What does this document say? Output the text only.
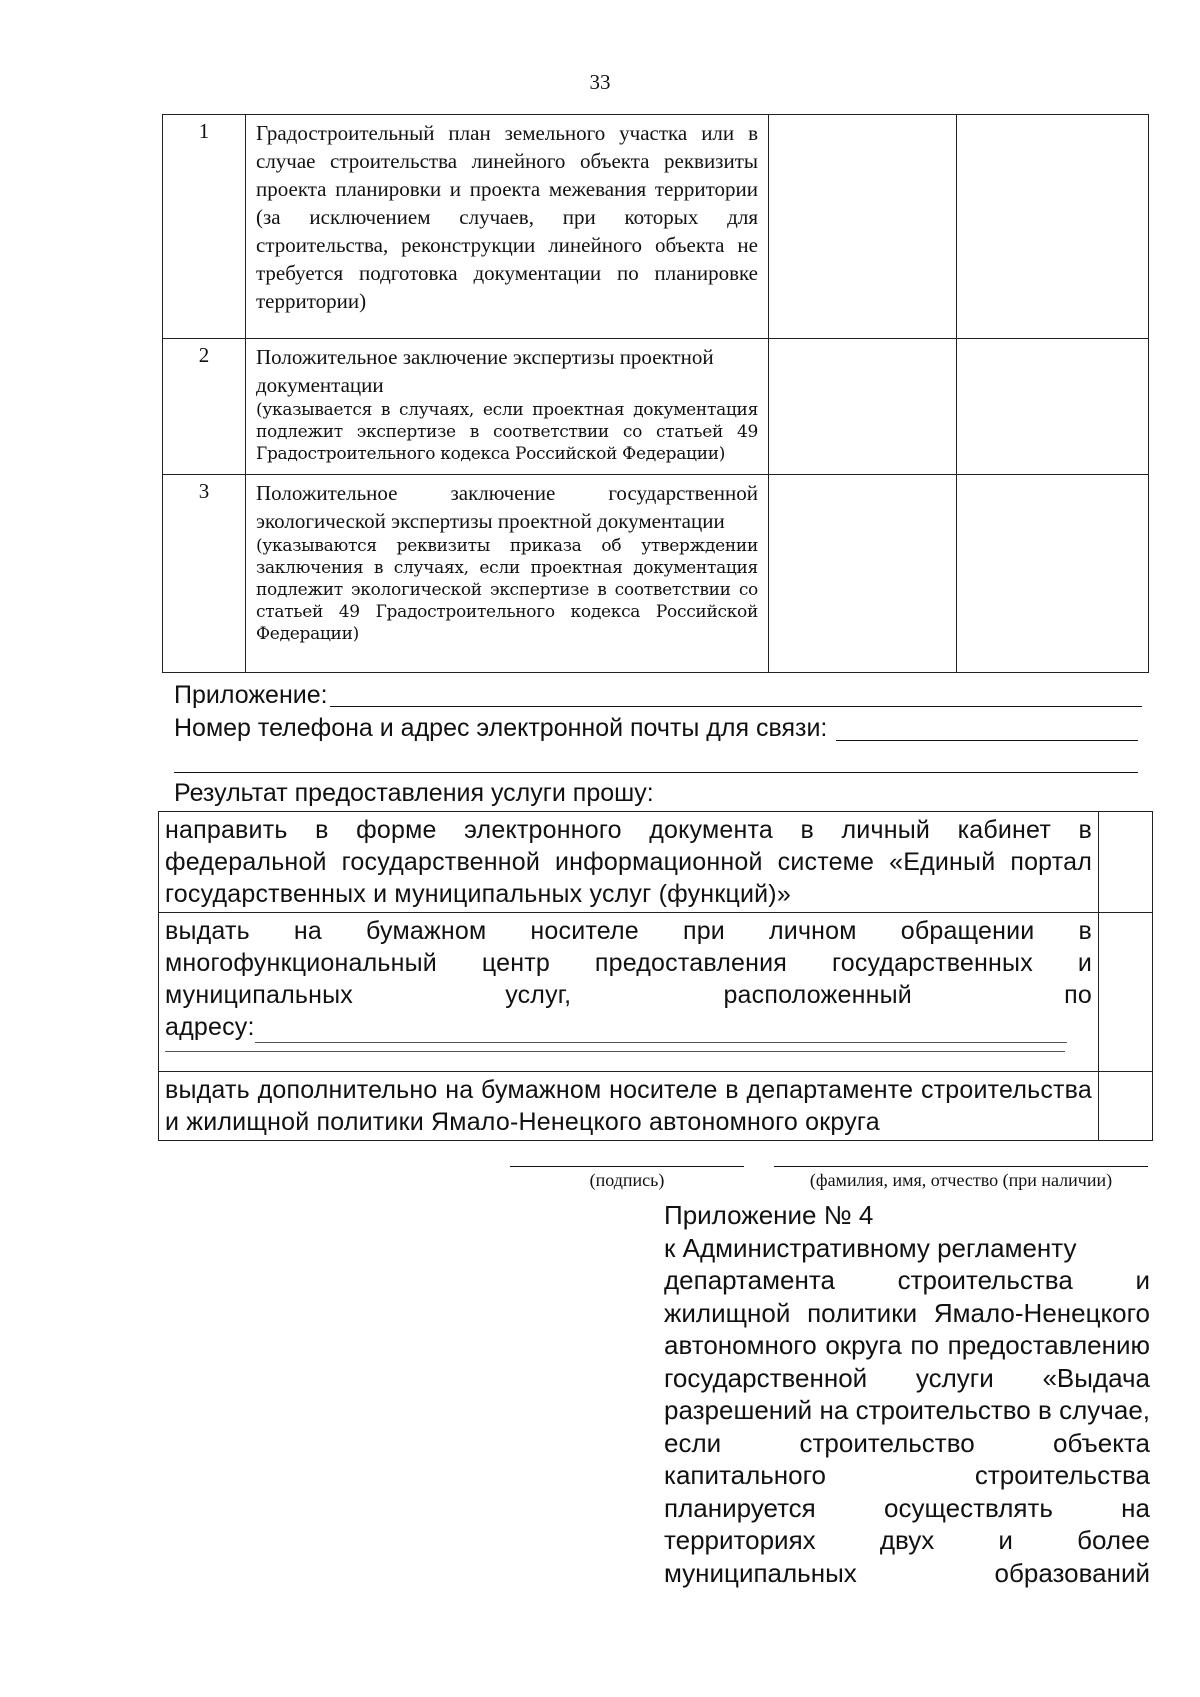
33
1	Градостроительный план земельного участка или в случае строительства линейного объекта реквизиты проекта планировки и проекта межевания территории (за исключением случаев, при которых для строительства, реконструкции линейного объекта не требуется подготовка документации по планировке территории)		

2	Положительное заключение экспертизы проектной документации
(указывается в случаях, если проектная документация подлежит экспертизе в соответствии со статьей 49 Градостроительного кодекса Российской Федерации)		

3	Положительное заключение государственной экологической экспертизы проектной документации
(указываются реквизиты приказа об утверждении заключения в случаях, если проектная документация подлежит экологической экспертизе в соответствии со статьей 49 Градостроительного кодекса Российской Федерации)		

Приложение:
Номер телефона и адрес электронной почты для связи:
Результат предоставления услуги прошу:
направить в форме электронного документа в личный кабинет в федеральной государственной информационной системе «Единый портал государственных и муниципальных услуг (функций)»	

выдать на бумажном носителе при личном обращении в многофункциональный центр предоставления государственных и муниципальных услуг, расположенный по
адресу:	

выдать дополнительно на бумажном носителе в департаменте строительства и жилищной политики Ямало-Ненецкого автономного округа	

(подпись)	(фамилия, имя, отчество (при наличии)
Приложение № 4
к Административному регламенту
департамента строительства и жилищной политики Ямало-Ненецкого автономного округа по предоставлению государственной услуги «Выдача разрешений на строительство в случае, если строительство объекта капитального строительства планируется осуществлять на территориях двух и более муниципальных образований
